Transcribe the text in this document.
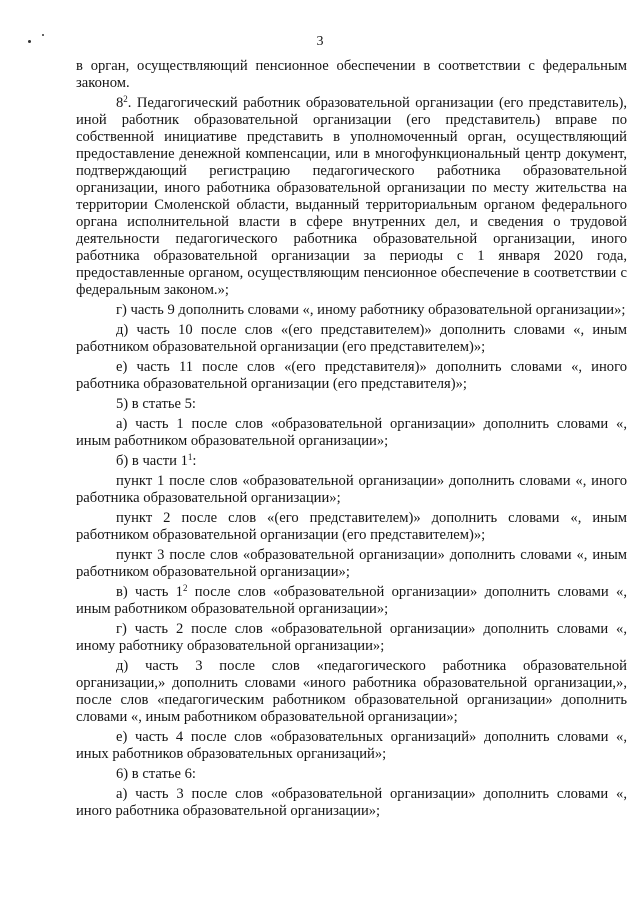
3

в орган, осуществляющий пенсионное обеспечении в соответствии с федеральным законом.

$8^2$. Педагогический работник образовательной организации (его представитель), иной работник образовательной организации (его представитель) вправе по собственной инициативе представить в уполномоченный орган, осуществляющий предоставление денежной компенсации, или в многофункциональный центр документ, подтверждающий регистрацию педагогического работника образовательной организации, иного работника образовательной организации по месту жительства на территории Смоленской области, выданный территориальным органом федерального органа исполнительной власти в сфере внутренних дел, и сведения о трудовой деятельности педагогического работника образовательной организации, иного работника образовательной организации за периоды с 1 января 2020 года, предоставленные органом, осуществляющим пенсионное обеспечение в соответствии с федеральным законом.»;

г) часть 9 дополнить словами «, иному работнику образовательной организации»;

д) часть 10 после слов «(его представителем)» дополнить словами «, иным работником образовательной организации (его представителем)»;

е) часть 11 после слов «(его представителя)» дополнить словами «, иного работника образовательной организации (его представителя)»;

5) в статье 5:

а) часть 1 после слов «образовательной организации» дополнить словами «, иным работником образовательной организации»;

б) в части $1^1$:

пункт 1 после слов «образовательной организации» дополнить словами «, иного работника образовательной организации»;

пункт 2 после слов «(его представителем)» дополнить словами «, иным работником образовательной организации (его представителем)»;

пункт 3 после слов «образовательной организации» дополнить словами «, иным работником образовательной организации»;

в) часть $1^2$ после слов «образовательной организации» дополнить словами «, иным работником образовательной организации»;

г) часть 2 после слов «образовательной организации» дополнить словами «, иному работнику образовательной организации»;

д) часть 3 после слов «педагогического работника образовательной организации,» дополнить словами «иного работника образовательной организации,», после слов «педагогическим работником образовательной организации» дополнить словами «, иным работником образовательной организации»;

е) часть 4 после слов «образовательных организаций» дополнить словами «, иных работников образовательных организаций»;

6) в статье 6:

а) часть 3 после слов «образовательной организации» дополнить словами «, иного работника образовательной организации»;
